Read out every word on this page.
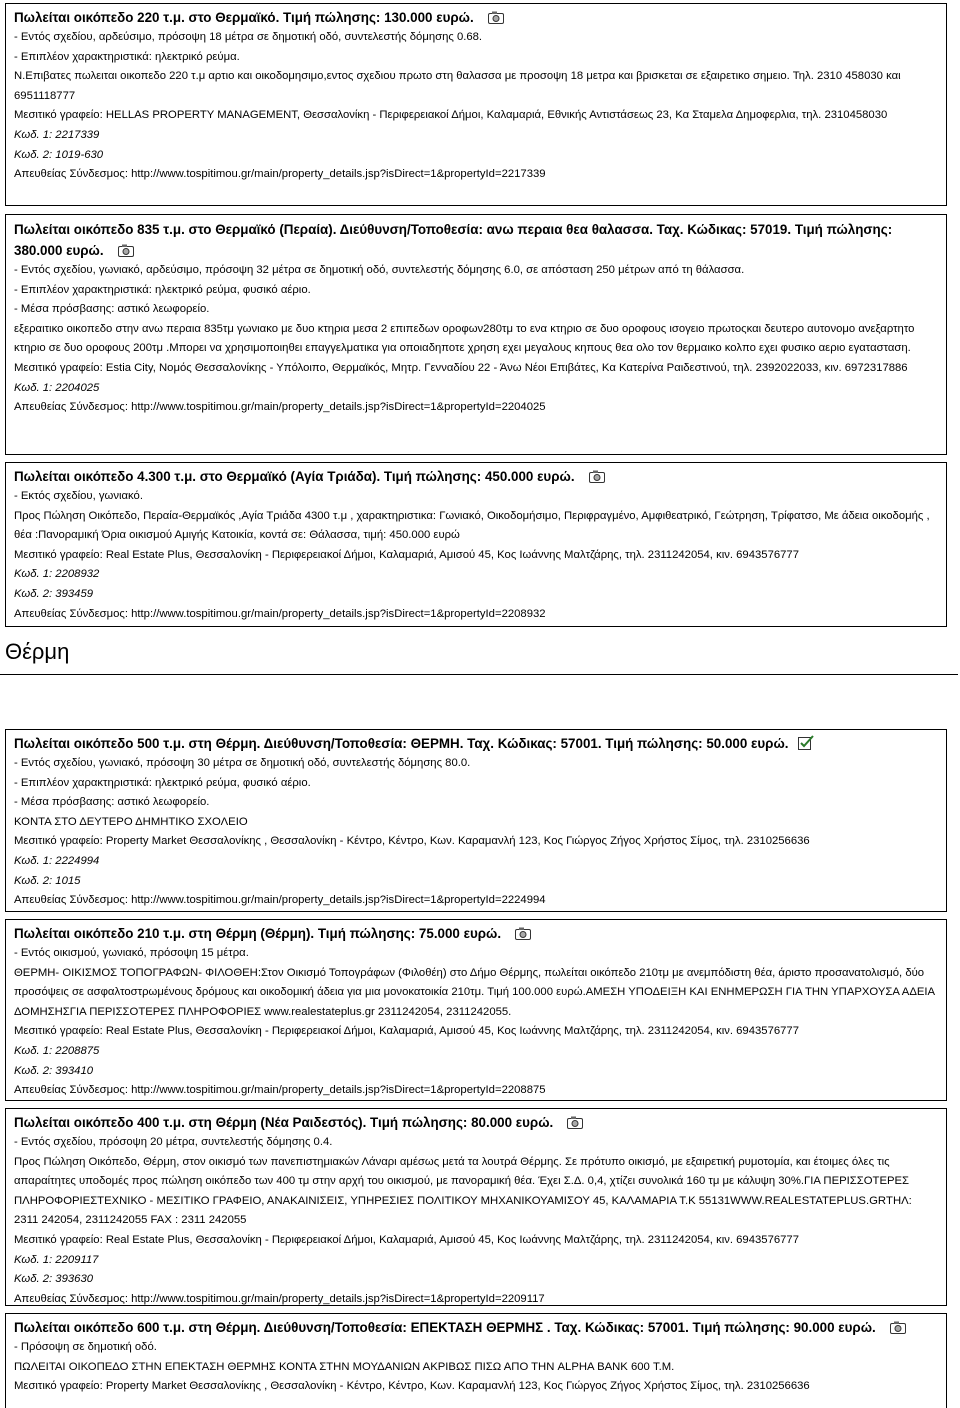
Πωλείται οικόπεδο 220 τ.μ. στο Θερμαϊκό. Τιμή πώλησης: 130.000 ευρώ.
- Εντός σχεδίου, αρδεύσιμο, πρόσοψη 18 μέτρα σε δημοτική οδό, συντελεστής δόμησης 0.68.
- Επιπλέον χαρακτηριστικά: ηλεκτρικό ρεύμα.
Ν.Επιβατες πωλειται οικοπεδο 220 τ.μ αρτιο και οικοδομησιμο,εντος σχεδιου πρωτο στη θαλασσα με προσοψη 18 μετρα και βρισκεται σε εξαιρετικο σημειο. Τηλ. 2310 458030 και 6951118777
Μεσιτικό γραφείο: HELLAS PROPERTY MANAGEMENT, Θεσσαλονίκη - Περιφερειακοί Δήμοι, Καλαμαριά, Εθνικής Αντιστάσεως 23, Κα Σταμελα Δημοφερλια, τηλ. 2310458030
Κωδ. 1: 2217339
Κωδ. 2: 1019-630
Απευθείας Σύνδεσμος: http://www.tospitimou.gr/main/property_details.jsp?isDirect=1&propertyId=2217339
Πωλείται οικόπεδο 835 τ.μ. στο Θερμαϊκό (Περαία). Διεύθυνση/Τοποθεσία: ανω περαια θεα θαλασσα. Ταχ. Κώδικας: 57019. Τιμή πώλησης: 380.000 ευρώ.
- Εντός σχεδίου, γωνιακό, αρδεύσιμο, πρόσοψη 32 μέτρα σε δημοτική οδό, συντελεστής δόμησης 6.0, σε απόσταση 250 μέτρων από τη θάλασσα.
- Επιπλέον χαρακτηριστικά: ηλεκτρικό ρεύμα, φυσικό αέριο.
- Μέσα πρόσβασης: αστικό λεωφορείο.
εξεραιτικο οικοπεδο στην ανω περαια 835τμ γωνιακο με δυο κτηρια μεσα 2 επιπεδων οροφων280τμ το ενα κτηριο σε δυο οροφους ισογειο πρωτοςκαι δευτερο αυτονομο ανεξαρτητο κτηριο σε δυο οροφους 200τμ .Μπορει να χρησιμοποιηθει επαγγελματικα για οποιαδηποτε χρηση εχει μεγαλους κηπους θεα ολο τον θερμαικο κολπο εχει φυσικο αεριο εγατασταση.
Μεσιτικό γραφείο: Estia City, Νομός Θεσσαλονίκης - Υπόλοιπο, Θερμαϊκός, Μητρ. Γενναδίου 22 - Άνω Νέοι Επιβάτες, Κα Κατερίνα Ραιδεστινού, τηλ. 2392022033, κιν. 6972317886
Κωδ. 1: 2204025
Απευθείας Σύνδεσμος: http://www.tospitimou.gr/main/property_details.jsp?isDirect=1&propertyId=2204025
Πωλείται οικόπεδο 4.300 τ.μ. στο Θερμαϊκό (Αγία Τριάδα). Τιμή πώλησης: 450.000 ευρώ.
- Εκτός σχεδίου, γωνιακό.
Προς Πώληση Οικόπεδο, Περαία-Θερμαϊκός ,Αγία Τριάδα 4300 τ.μ , χαρακτηριστικα: Γωνιακό, Οικοδομήσιμο, Περιφραγμένο, Αμφιθεατρικό, Γεώτρηση, Τρίφατσο, Με άδεια οικοδομής , θέα :Πανοραμική Όρια οικισμού Αμιγής Κατοικία, κοντά σε: Θάλασσα, τιμή: 450.000 ευρώ
Μεσιτικό γραφείο: Real Estate Plus, Θεσσαλονίκη - Περιφερειακοί Δήμοι, Καλαμαριά, Αμισού 45, Κος Ιωάννης Μαλτζάρης, τηλ. 2311242054, κιν. 6943576777
Κωδ. 1: 2208932
Κωδ. 2: 393459
Απευθείας Σύνδεσμος: http://www.tospitimou.gr/main/property_details.jsp?isDirect=1&propertyId=2208932
Θέρμη
Πωλείται οικόπεδο 500 τ.μ. στη Θέρμη. Διεύθυνση/Τοποθεσία: ΘΕΡΜΗ. Ταχ. Κώδικας: 57001. Τιμή πώλησης: 50.000 ευρώ.
- Εντός σχεδίου, γωνιακό, πρόσοψη 30 μέτρα σε δημοτική οδό, συντελεστής δόμησης 80.0.
- Επιπλέον χαρακτηριστικά: ηλεκτρικό ρεύμα, φυσικό αέριο.
- Μέσα πρόσβασης: αστικό λεωφορείο.
ΚΟΝΤΑ ΣΤΟ ΔΕΥΤΕΡΟ ΔΗΜΗΤΙΚΟ ΣΧΟΛΕΙΟ
Μεσιτικό γραφείο: Property Market Θεσσαλονίκης , Θεσσαλονίκη - Κέντρο, Κέντρο, Κων. Καραμανλή 123, Κος Γιώργος Ζήγος Χρήστος Σίμος, τηλ. 2310256636
Κωδ. 1: 2224994
Κωδ. 2: 1015
Απευθείας Σύνδεσμος: http://www.tospitimou.gr/main/property_details.jsp?isDirect=1&propertyId=2224994
Πωλείται οικόπεδο 210 τ.μ. στη Θέρμη (Θέρμη). Τιμή πώλησης: 75.000 ευρώ.
- Εντός οικισμού, γωνιακό, πρόσοψη 15 μέτρα.
ΘΕΡΜΗ- ΟΙΚΙΣΜΟΣ ΤΟΠΟΓΡΑΦΩΝ- ΦΙΛΟΘΕΗ:Στον Οικισμό Τοπογράφων (Φιλοθέη) στο Δήμο Θέρμης, πωλείται οικόπεδο 210τμ με ανεμπόδιστη θέα, άριστο προσανατολισμό, δύο προσόψεις σε ασφαλτοστρωμένους δρόμους και οικοδομική άδεια για μια μονοκατοικία 210τμ. Τιμή 100.000 ευρώ.ΑΜΕΣΗ ΥΠΟΔΕΙΞΗ ΚΑΙ ΕΝΗΜΕΡΩΣΗ ΓΙΑ ΤΗΝ ΥΠΑΡΧΟΥΣΑ ΑΔΕΙΑ ΔΟΜΗΣΗΣΓΙΑ ΠΕΡΙΣΣΟΤΕΡΕΣ ΠΛΗΡΟΦΟΡΙΕΣ www.realestateplus.gr 2311242054, 2311242055.
Μεσιτικό γραφείο: Real Estate Plus, Θεσσαλονίκη - Περιφερειακοί Δήμοι, Καλαμαριά, Αμισού 45, Κος Ιωάννης Μαλτζάρης, τηλ. 2311242054, κιν. 6943576777
Κωδ. 1: 2208875
Κωδ. 2: 393410
Απευθείας Σύνδεσμος: http://www.tospitimou.gr/main/property_details.jsp?isDirect=1&propertyId=2208875
Πωλείται οικόπεδο 400 τ.μ. στη Θέρμη (Νέα Ραιδεστός). Τιμή πώλησης: 80.000 ευρώ.
- Εντός σχεδίου, πρόσοψη 20 μέτρα, συντελεστής δόμησης 0.4.
Προς Πώληση Οικόπεδο, Θέρμη, στον οικισμό των πανεπιστημιακών Λάναρι αμέσως μετά τα λουτρά Θέρμης. Σε πρότυπο οικισμό, με εξαιρετική ρυμοτομία, και έτοιμες όλες τις απαραίτητες υποδομές προς πώληση οικόπεδο των 400 τμ στην αρχή του οικισμού, με πανοραμική θέα. Έχει Σ.Δ. 0,4, χτίζει συνολικά 160 τμ με κάλυψη 30%.ΓΙΑ ΠΕΡΙΣΣΟΤΕΡΕΣ ΠΛΗΡΟΦΟΡΙΕΣΤΕΧΝΙΚΟ - ΜΕΣΙΤΙΚΟ ΓΡΑΦΕΙΟ, ΑΝΑΚΑΙΝΙΣΕΙΣ, ΥΠΗΡΕΣΙΕΣ ΠΟΛΙΤΙΚΟΥ ΜΗΧΑΝΙΚΟΥΑΜΙΣΟΥ 45, ΚΑΛΑΜΑΡΙΑ Τ.Κ 55131WWW.REALESTATEPLUS.GRΤΗΛ: 2311 242054, 2311242055 FAX : 2311 242055
Μεσιτικό γραφείο: Real Estate Plus, Θεσσαλονίκη - Περιφερειακοί Δήμοι, Καλαμαριά, Αμισού 45, Κος Ιωάννης Μαλτζάρης, τηλ. 2311242054, κιν. 6943576777
Κωδ. 1: 2209117
Κωδ. 2: 393630
Απευθείας Σύνδεσμος: http://www.tospitimou.gr/main/property_details.jsp?isDirect=1&propertyId=2209117
Πωλείται οικόπεδο 600 τ.μ. στη Θέρμη. Διεύθυνση/Τοποθεσία: ΕΠΕΚΤΑΣΗ ΘΕΡΜΗΣ . Ταχ. Κώδικας: 57001. Τιμή πώλησης: 90.000 ευρώ.
- Πρόσοψη σε δημοτική οδό.
ΠΩΛΕΙΤΑΙ ΟΙΚΟΠΕΔΟ ΣΤΗΝ ΕΠΕΚΤΑΣΗ ΘΕΡΜΗΣ ΚΟΝΤΑ ΣΤΗΝ ΜΟΥΔΑΝΙΩΝ ΑΚΡΙΒΩΣ ΠΙΣΩ ΑΠΟ ΤΗΝ ALPHA BANK 600 Τ.Μ.
Μεσιτικό γραφείο: Property Market Θεσσαλονίκης , Θεσσαλονίκη - Κέντρο, Κέντρο, Κων. Καραμανλή 123, Κος Γιώργος Ζήγος Χρήστος Σίμος, τηλ. 2310256636
